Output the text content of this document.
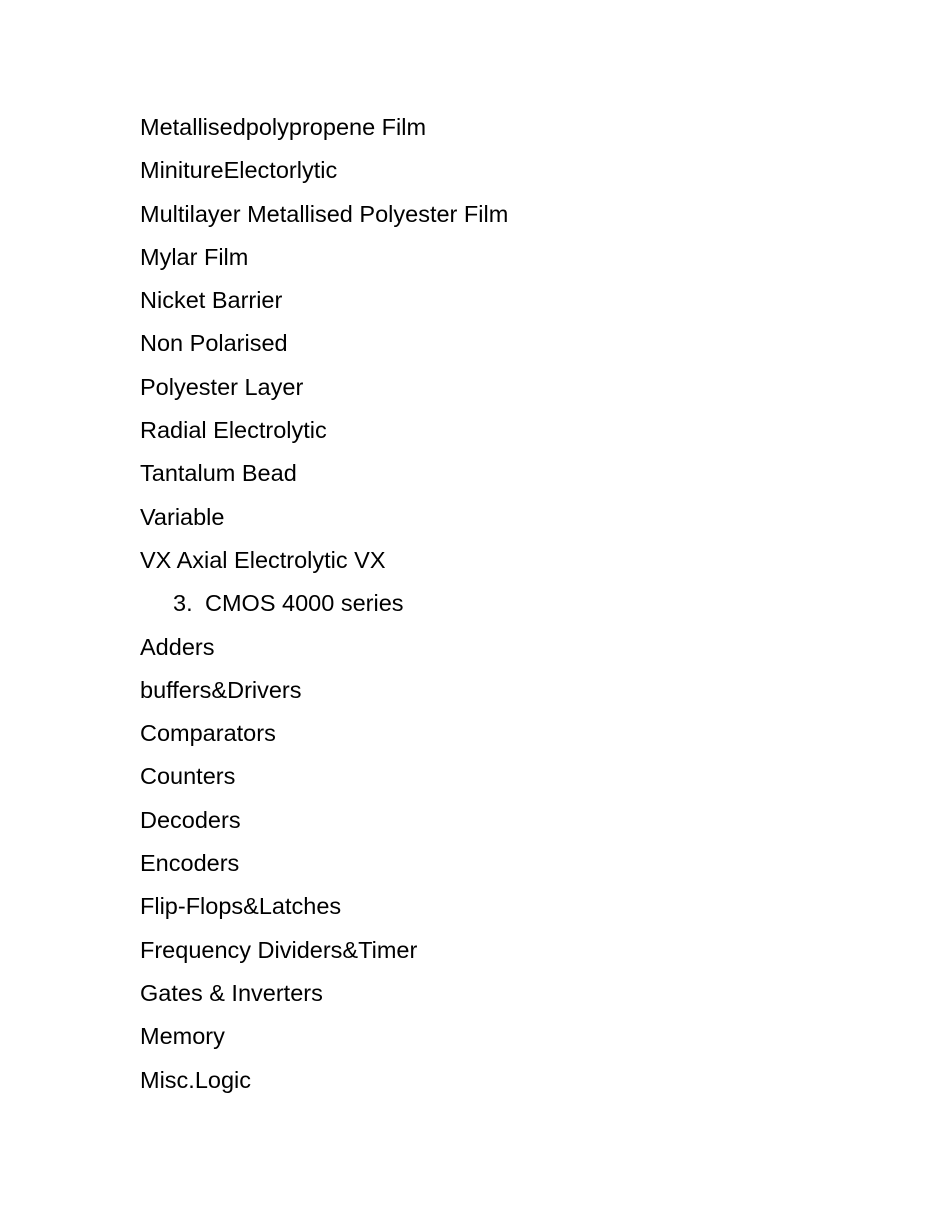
Metallisedpolypropene Film
MinitureElectorlytic
Multilayer Metallised Polyester Film
Mylar Film
Nicket Barrier
Non Polarised
Polyester Layer
Radial Electrolytic
Tantalum Bead
Variable
VX Axial Electrolytic VX
3. CMOS 4000 series
Adders
buffers&Drivers
Comparators
Counters
Decoders
Encoders
Flip-Flops&Latches
Frequency Dividers&Timer
Gates & Inverters
Memory
Misc.Logic
